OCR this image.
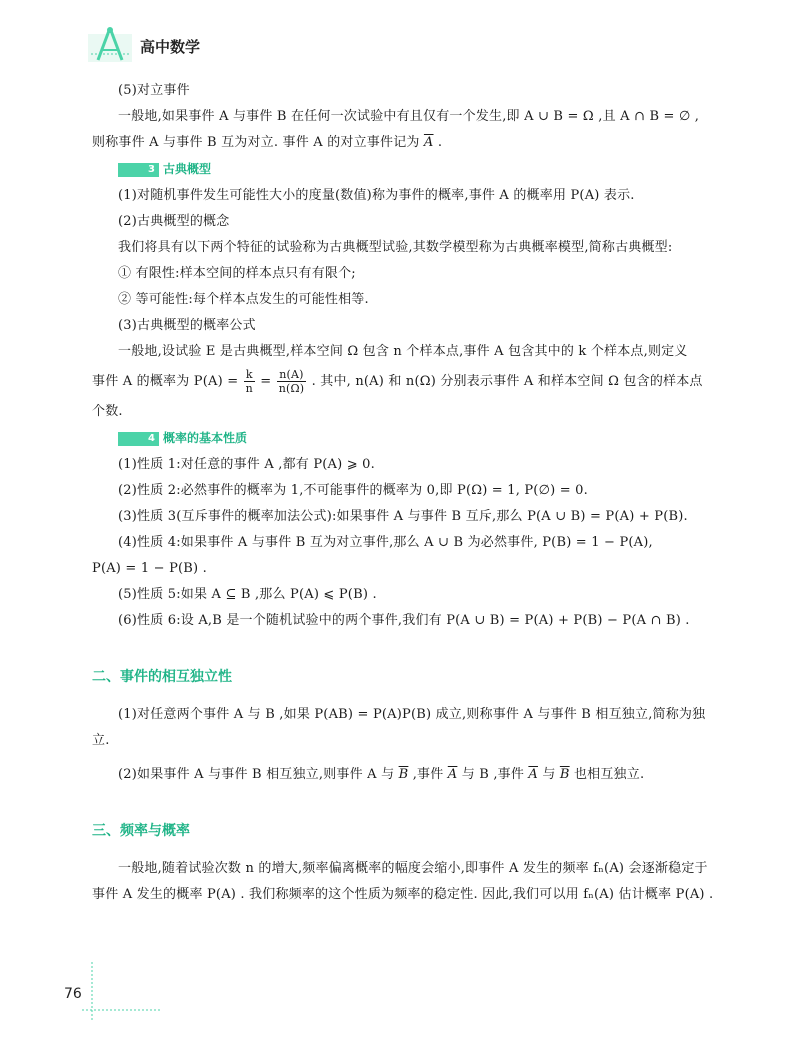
高中数学

(5)对立事件

一般地,如果事件 A 与事件 B 在任何一次试验中有且仅有一个发生,即 A ∪ B = Ω ,且 A ∩ B = ∅ ,

则称事件 A 与事件 B 互为对立. 事件 A 的对立事件记为 $\overline{A}$ .

3 古典概型

(1)对随机事件发生可能性大小的度量(数值)称为事件的概率,事件 A 的概率用 P(A) 表示.

(2)古典概型的概念

我们将具有以下两个特征的试验称为古典概型试验,其数学模型称为古典概率模型,简称古典概型:

① 有限性:样本空间的样本点只有有限个;

② 等可能性:每个样本点发生的可能性相等.

(3)古典概型的概率公式

一般地,设试验 E 是古典概型,样本空间 Ω 包含 n 个样本点,事件 A 包含其中的 k 个样本点,则定义

事件 A 的概率为 $P(A) = \frac{k}{n} = \frac{n(A)}{n(\Omega)}$ . 其中, n(A) 和 n(Ω) 分别表示事件 A 和样本空间 Ω 包含的样本点

个数.

4 概率的基本性质

(1)性质 1:对任意的事件 A ,都有 P(A) ⩾ 0.

(2)性质 2:必然事件的概率为 1,不可能事件的概率为 0,即 P(Ω) = 1, P(∅) = 0.

(3)性质 3(互斥事件的概率加法公式):如果事件 A 与事件 B 互斥,那么 P(A ∪ B) = P(A) + P(B).

(4)性质 4:如果事件 A 与事件 B 互为对立事件,那么 A ∪ B 为必然事件, P(B) = 1 − P(A),

P(A) = 1 − P(B) .

(5)性质 5:如果 A ⊆ B ,那么 P(A) ⩽ P(B) .

(6)性质 6:设 A,B 是一个随机试验中的两个事件,我们有 P(A ∪ B) = P(A) + P(B) − P(A ∩ B) .

二、事件的相互独立性

(1)对任意两个事件 A 与 B ,如果 P(AB) = P(A)P(B) 成立,则称事件 A 与事件 B 相互独立,简称为独立.

(2)如果事件 A 与事件 B 相互独立,则事件 A 与 $\overline{B}$ ,事件 $\overline{A}$ 与 B ,事件 $\overline{A}$ 与 $\overline{B}$ 也相互独立.

三、频率与概率

一般地,随着试验次数 n 的增大,频率偏离概率的幅度会缩小,即事件 A 发生的频率 fₙ(A) 会逐渐稳定于事件 A 发生的概率 P(A) . 我们称频率的这个性质为频率的稳定性. 因此,我们可以用 fₙ(A) 估计概率 P(A) .

76
